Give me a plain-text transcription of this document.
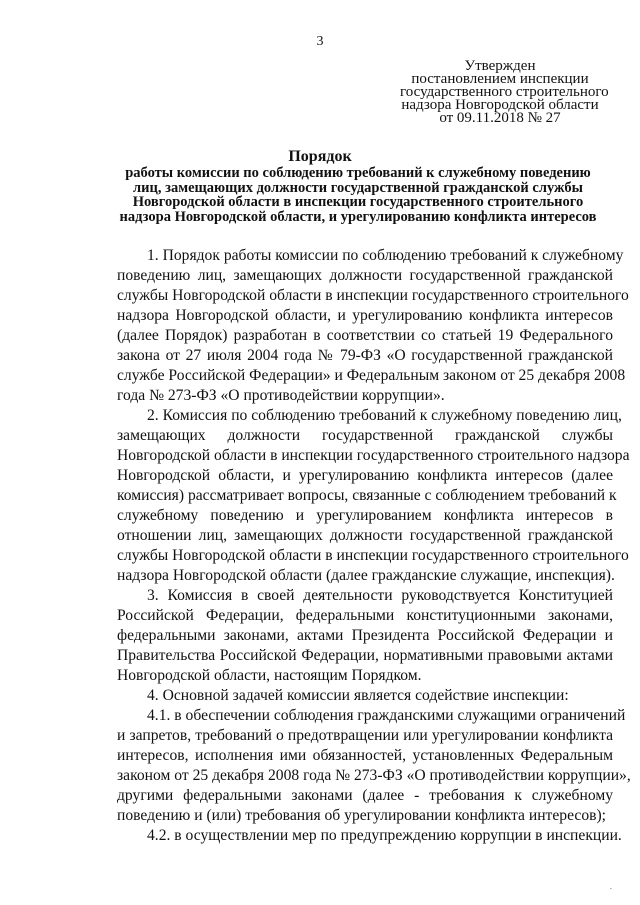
3
Утвержден
постановлением инспекции
государственного строительного
надзора Новгородской области
от 09.11.2018 № 27
Порядок
работы комиссии по соблюдению требований к служебному поведению
лиц, замещающих должности государственной гражданской службы
Новгородской области в инспекции государственного строительного
надзора Новгородской области, и урегулированию конфликта интересов

1. Порядок работы комиссии по соблюдению требований к служебному
поведению лиц, замещающих должности государственной гражданской
службы Новгородской области в инспекции государственного строительного
надзора Новгородской области, и урегулированию конфликта интересов
(далее Порядок) разработан в соответствии со статьей 19 Федерального
закона от 27 июля 2004 года № 79-ФЗ «О государственной гражданской
службе Российской Федерации» и Федеральным законом от 25 декабря 2008
года № 273-ФЗ «О противодействии коррупции».

2. Комиссия по соблюдению требований к служебному поведению лиц,
замещающих должности государственной гражданской службы
Новгородской области в инспекции государственного строительного надзора
Новгородской области, и урегулированию конфликта интересов (далее
комиссия) рассматривает вопросы, связанные с соблюдением требований к
служебному поведению и урегулированием конфликта интересов в
отношении лиц, замещающих должности государственной гражданской
службы Новгородской области в инспекции государственного строительного
надзора Новгородской области (далее гражданские служащие, инспекция).

3. Комиссия в своей деятельности руководствуется Конституцией
Российской Федерации, федеральными конституционными законами,
федеральными законами, актами Президента Российской Федерации и
Правительства Российской Федерации, нормативными правовыми актами
Новгородской области, настоящим Порядком.

4. Основной задачей комиссии является содействие инспекции:

4.1. в обеспечении соблюдения гражданскими служащими ограничений
и запретов, требований о предотвращении или урегулировании конфликта
интересов, исполнения ими обязанностей, установленных Федеральным
законом от 25 декабря 2008 года № 273-ФЗ «О противодействии коррупции»,
другими федеральными законами (далее - требования к служебному
поведению и (или) требования об урегулировании конфликта интересов);

4.2. в осуществлении мер по предупреждению коррупции в инспекции.

.
